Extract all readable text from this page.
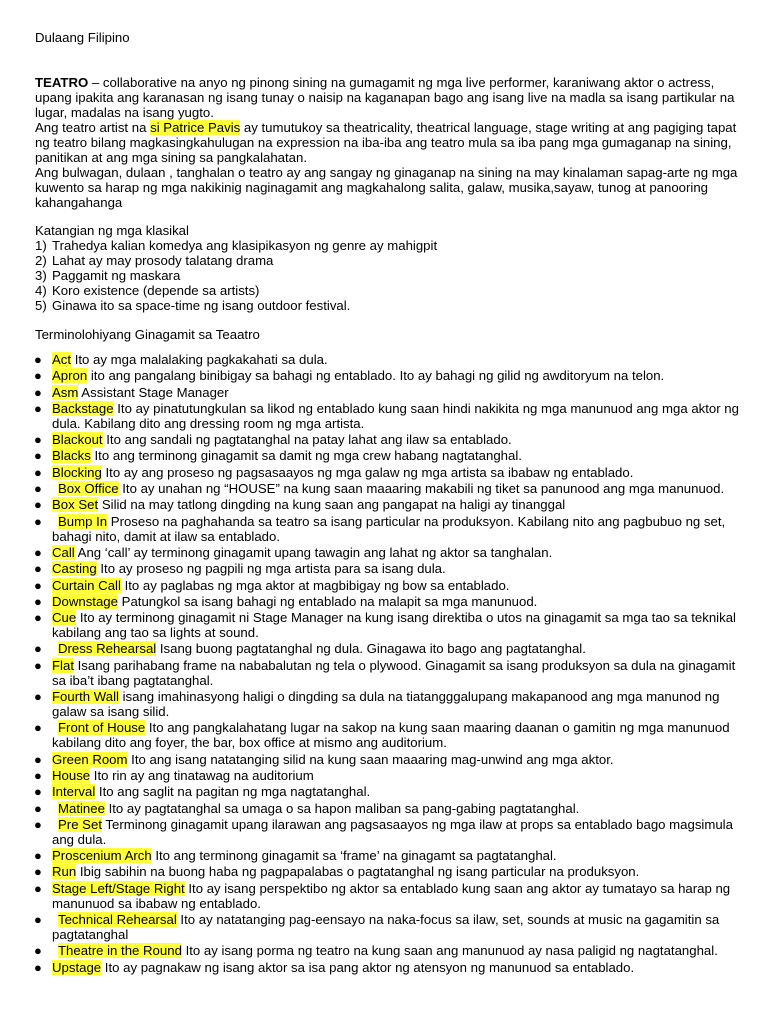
Dulaang Filipino

TEATRO – collaborative na anyo ng pinong sining na gumagamit ng mga live performer, karaniwang aktor o actress, upang ipakita ang karanasan ng isang tunay o naisip na kaganapan bago ang isang live na madla sa isang partikular na lugar, madalas na isang yugto.

Ang teatro artist na si Patrice Pavis ay tumutukoy sa theatricality, theatrical language, stage writing at ang pagiging tapat ng teatro bilang magkasingkahulugan na expression na iba-iba ang teatro mula sa iba pang mga gumaganap na sining, panitikan at ang mga sining sa pangkalahatan.

Ang bulwagan, dulaan , tanghalan o teatro ay ang sangay ng ginaganap na sining na may kinalaman sapag-arte ng mga kuwento sa harap ng mga nakikinig naginagamit ang magkahalong salita, galaw, musika,sayaw, tunog at panooring kahangahanga

Katangian ng mga klasikal
1) Trahedya kalian komedya ang klasipikasyon ng genre ay mahigpit
2) Lahat ay may prosody talatang drama
3) Paggamit ng maskara
4) Koro existence (depende sa artists)
5) Ginawa ito sa space-time ng isang outdoor festival.
Terminolohiyang Ginagamit sa Teaatro
● Act Ito ay mga malalaking pagkakahati sa dula.
● Apron ito ang pangalang binibigay sa bahagi ng entablado. Ito ay bahagi ng gilid ng awditoryum na telon.
● Asm Assistant Stage Manager
● Backstage Ito ay pinatutungkulan sa likod ng entablado kung saan hindi nakikita ng mga manunuod ang mga aktor ng dula. Kabilang dito ang dressing room ng mga artista.
● Blackout Ito ang sandali ng pagtatanghal na patay lahat ang ilaw sa entablado.
● Blacks Ito ang terminong ginagamit sa damit ng mga crew habang nagtatanghal.
● Blocking Ito ay ang proseso ng pagsasaayos ng mga galaw ng mga artista sa ibabaw ng entablado.
● Box Office Ito ay unahan ng “HOUSE” na kung saan maaaring makabili ng tiket sa panunood ang mga manunuod.
● Box Set Silid na may tatlong dingding na kung saan ang pangapat na haligi ay tinanggal
● Bump In Proseso na paghahanda sa teatro sa isang particular na produksyon. Kabilang nito ang pagbubuo ng set, bahagi nito, damit at ilaw sa entablado.
● Call Ang ‘call’ ay terminong ginagamit upang tawagin ang lahat ng aktor sa tanghalan.
● Casting Ito ay proseso ng pagpili ng mga artista para sa isang dula.
● Curtain Call Ito ay paglabas ng mga aktor at magbibigay ng bow sa entablado.
● Downstage Patungkol sa isang bahagi ng entablado na malapit sa mga manunuod.
● Cue Ito ay terminong ginagamit ni Stage Manager na kung isang direktiba o utos na ginagamit sa mga tao sa teknikal kabilang ang tao sa lights at sound.
● Dress Rehearsal Isang buong pagtatanghal ng dula. Ginagawa ito bago ang pagtatanghal.
● Flat Isang parihabang frame na nababalutan ng tela o plywood. Ginagamit sa isang produksyon sa dula na ginagamit sa iba’t ibang pagtatanghal.
● Fourth Wall isang imahinasyong haligi o dingding sa dula na tiatangggalupang makapanood ang mga manunod ng galaw sa isang silid.
● Front of House Ito ang pangkalahatang lugar na sakop na kung saan maaring daanan o gamitin ng mga manunuod kabilang dito ang foyer, the bar, box office at mismo ang auditorium.
● Green Room Ito ang isang natatanging silid na kung saan maaaring mag-unwind ang mga aktor.
● House Ito rin ay ang tinatawag na auditorium
● Interval Ito ang saglit na pagitan ng mga nagtatanghal.
● Matinee Ito ay pagtatanghal sa umaga o sa hapon maliban sa pang-gabing pagtatanghal.
● Pre Set Terminong ginagamit upang ilarawan ang pagsasaayos ng mga ilaw at props sa entablado bago magsimula ang dula.
● Proscenium Arch Ito ang terminong ginagamit sa ‘frame’ na ginagamt sa pagtatanghal.
● Run Ibig sabihin na buong haba ng pagpapalabas o pagtatanghal ng isang particular na produksyon.
● Stage Left/Stage Right Ito ay isang perspektibo ng aktor sa entablado kung saan ang aktor ay tumatayo sa harap ng manunuod sa ibabaw ng entablado.
● Technical Rehearsal Ito ay natatanging pag-eensayo na naka-focus sa ilaw, set, sounds at music na gagamitin sa pagtatanghal
● Theatre in the Round Ito ay isang porma ng teatro na kung saan ang manunuod ay nasa paligid ng nagtatanghal.
● Upstage Ito ay pagnakaw ng isang aktor sa isa pang aktor ng atensyon ng manunuod sa entablado.
